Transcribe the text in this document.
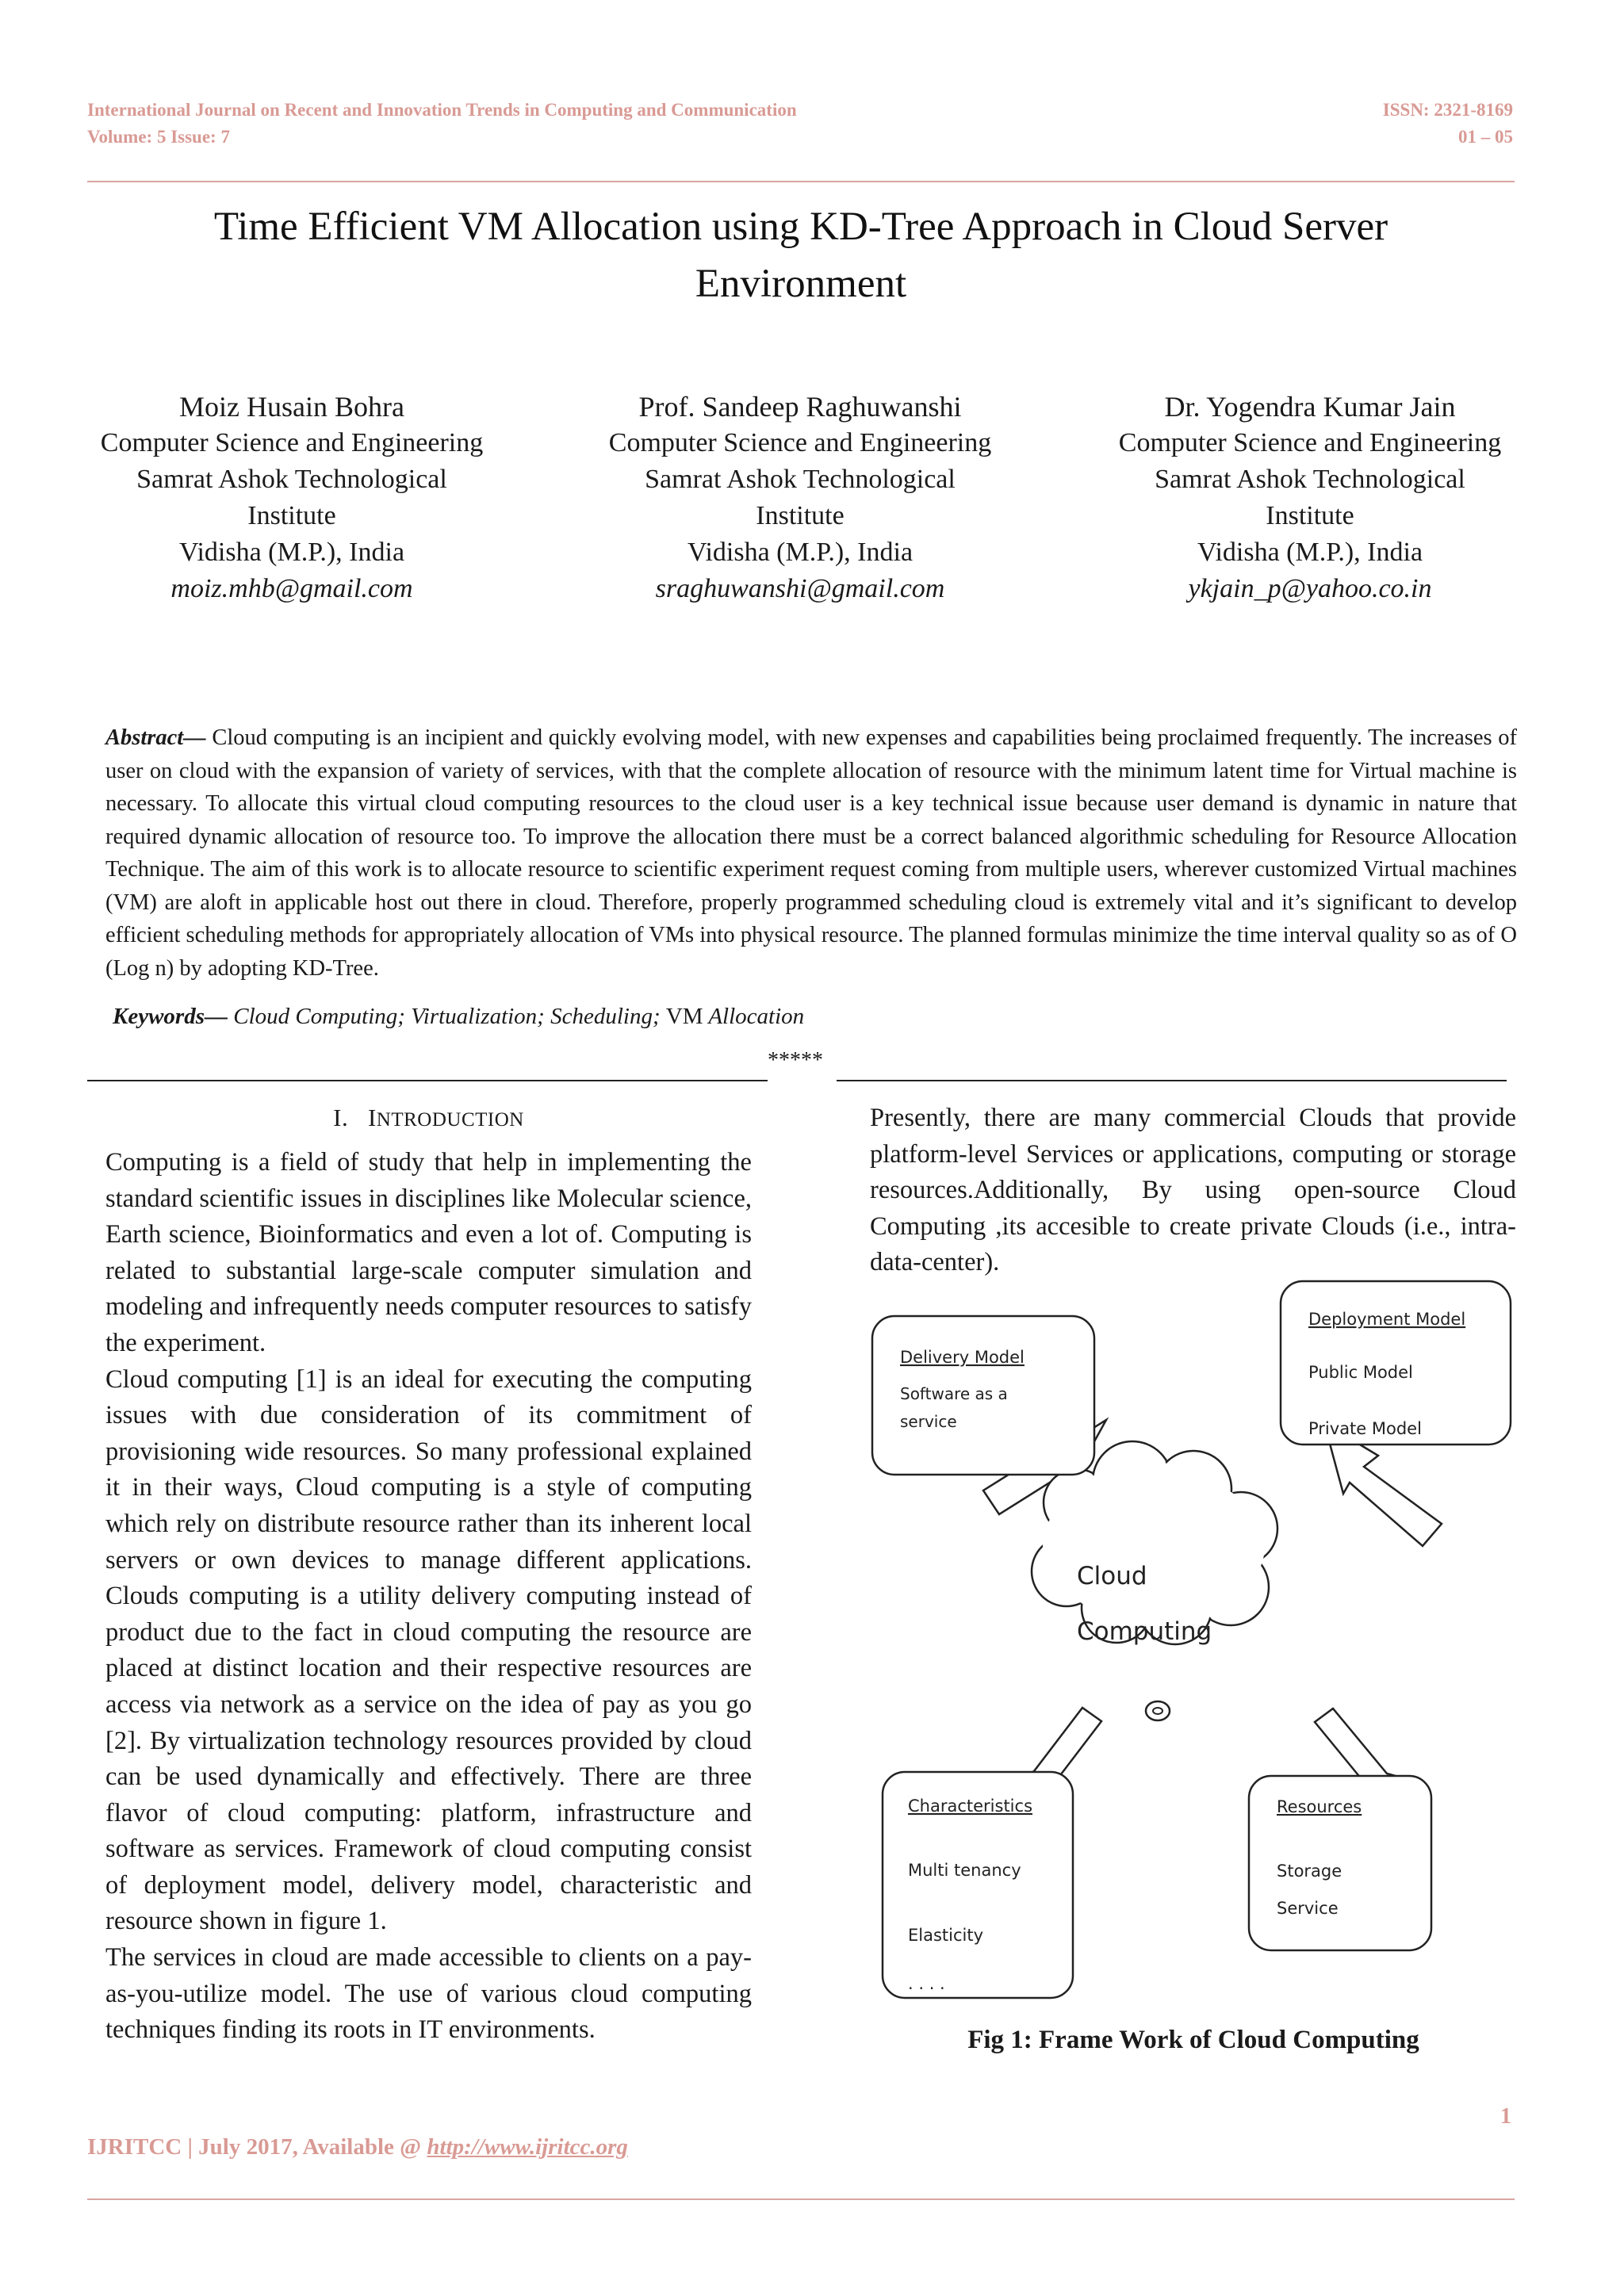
International Journal on Recent and Innovation Trends in Computing and Communication
Volume: 5 Issue: 7
ISSN: 2321-8169
01 – 05
Time Efficient VM Allocation using KD-Tree Approach in Cloud Server
Environment
Moiz Husain Bohra
Computer Science and Engineering
Samrat Ashok Technological
Institute
Vidisha (M.P.), India
moiz.mhb@gmail.com
Prof. Sandeep Raghuwanshi
Computer Science and Engineering
Samrat Ashok Technological
Institute
Vidisha (M.P.), India
sraghuwanshi@gmail.com
Dr. Yogendra Kumar Jain
Computer Science and Engineering
Samrat Ashok Technological
Institute
Vidisha (M.P.), India
ykjain_p@yahoo.co.in
Abstract— Cloud computing is an incipient and quickly evolving model, with new expenses and capabilities being proclaimed frequently. The increases of user on cloud with the expansion of variety of services, with that the complete allocation of resource with the minimum latent time for Virtual machine is necessary. To allocate this virtual cloud computing resources to the cloud user is a key technical issue because user demand is dynamic in nature that required dynamic allocation of resource too. To improve the allocation there must be a correct balanced algorithmic scheduling for Resource Allocation Technique. The aim of this work is to allocate resource to scientific experiment request coming from multiple users, wherever customized Virtual machines (VM) are aloft in applicable host out there in cloud. Therefore, properly programmed scheduling cloud is extremely vital and it’s significant to develop efficient scheduling methods for appropriately allocation of VMs into physical resource. The planned formulas minimize the time interval quality so as of O (Log n) by adopting KD-Tree.
Keywords— Cloud Computing; Virtualization; Scheduling; VM Allocation
*****
I. INTRODUCTION

Computing is a field of study that help in implementing the standard scientific issues in disciplines like Molecular science, Earth science, Bioinformatics and even a lot of. Computing is related to substantial large-scale computer simulation and modeling and infrequently needs computer resources to satisfy the experiment.

Cloud computing [1] is an ideal for executing the computing issues with due consideration of its commitment of provisioning wide resources. So many professional explained it in their ways, Cloud computing is a style of computing which rely on distribute resource rather than its inherent local servers or own devices to manage different applications. Clouds computing is a utility delivery computing instead of product due to the fact in cloud computing the resource are placed at distinct location and their respective resources are access via network as a service on the idea of pay as you go [2]. By virtualization technology resources provided by cloud can be used dynamically and effectively. There are three flavor of cloud computing: platform, infrastructure and software as services. Framework of cloud computing consist of deployment model, delivery model, characteristic and resource shown in figure 1.

The services in cloud are made accessible to clients on a pay-as-you-utilize model. The use of various cloud computing techniques finding its roots in IT environments.

Presently, there are many commercial Clouds that provide platform-level Services or applications, computing or storage resources.Additionally, By using open-source Cloud Computing ,its accesible to create private Clouds (i.e., intra-data-center).

Cloud
Computing
Delivery Model
Software as a
service
Deployment Model
Public Model
Private Model
Characteristics
Multi tenancy
Elasticity
· · · ·
Resources
Storage
Service
Fig 1: Frame Work of Cloud Computing
1
IJRITCC | July 2017, Available @ http://www.ijritcc.org
